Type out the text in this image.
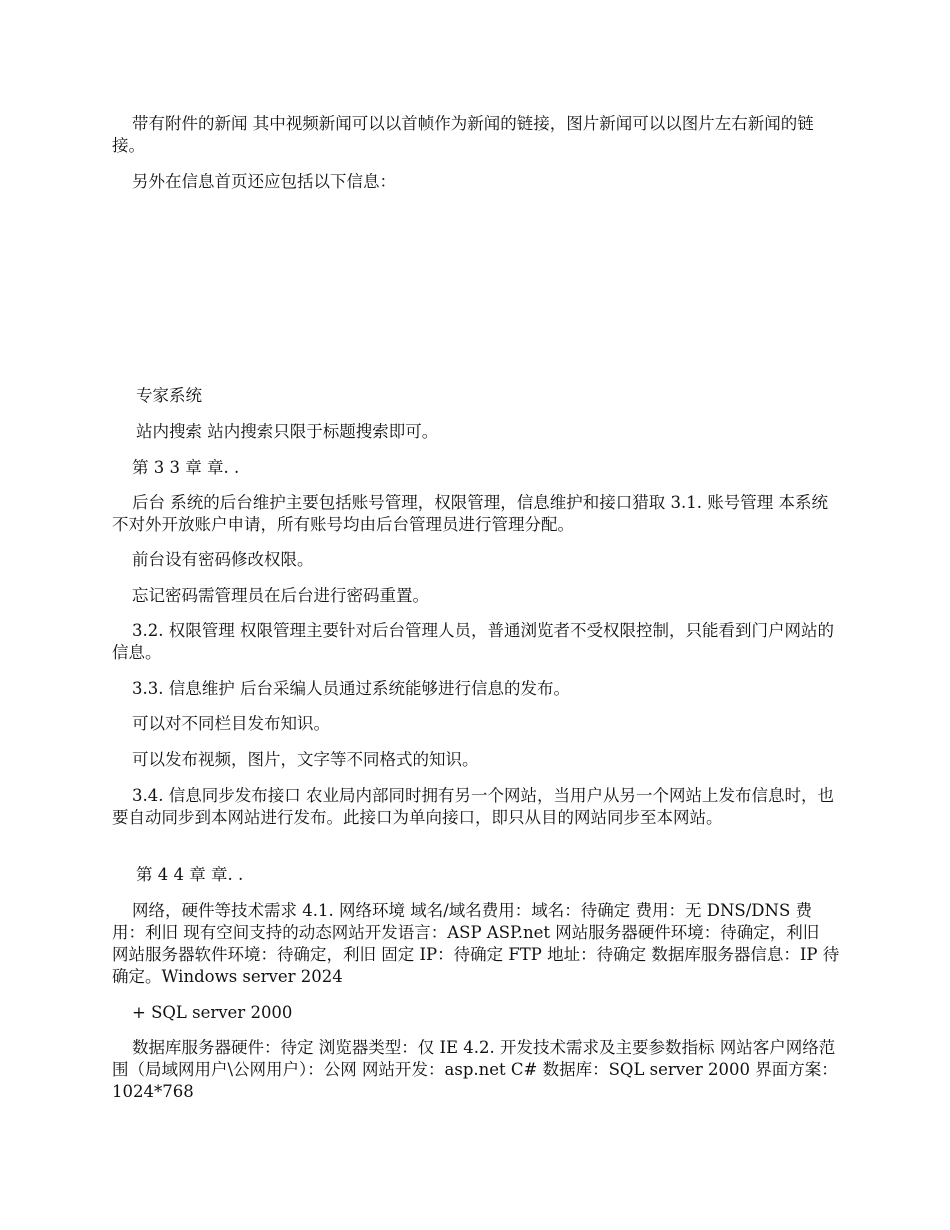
带有附件的新闻 其中视频新闻可以以首帧作为新闻的链接，图片新闻可以以图片左右新闻的链接。

另外在信息首页还应包括以下信息：

专家系统

站内搜索 站内搜索只限于标题搜索即可。

第 3 3 章 章. .

后台 系统的后台维护主要包括账号管理，权限管理，信息维护和接口猎取 3.1. 账号管理 本系统不对外开放账户申请，所有账号均由后台管理员进行管理分配。

前台设有密码修改权限。

忘记密码需管理员在后台进行密码重置。

3.2. 权限管理 权限管理主要针对后台管理人员，普通浏览者不受权限控制，只能看到门户网站的信息。

3.3. 信息维护 后台采编人员通过系统能够进行信息的发布。

可以对不同栏目发布知识。

可以发布视频，图片，文字等不同格式的知识。

3.4. 信息同步发布接口 农业局内部同时拥有另一个网站，当用户从另一个网站上发布信息时，也要自动同步到本网站进行发布。此接口为单向接口，即只从目的网站同步至本网站。

第 4 4 章 章. .

网络，硬件等技术需求 4.1. 网络环境 域名/域名费用：域名：待确定 费用：无 DNS/DNS 费用：利旧 现有空间支持的动态网站开发语言：ASP ASP.net 网站服务器硬件环境：待确定，利旧 网站服务器软件环境：待确定，利旧 固定 IP：待确定 FTP 地址：待确定 数据库服务器信息：IP 待确定。Windows server 2024

+ SQL server 2000

数据库服务器硬件：待定 浏览器类型：仅 IE 4.2. 开发技术需求及主要参数指标 网站客户网络范围（局域网用户\公网用户）：公网 网站开发：asp.net C# 数据库：SQL server 2000 界面方案：1024*768
